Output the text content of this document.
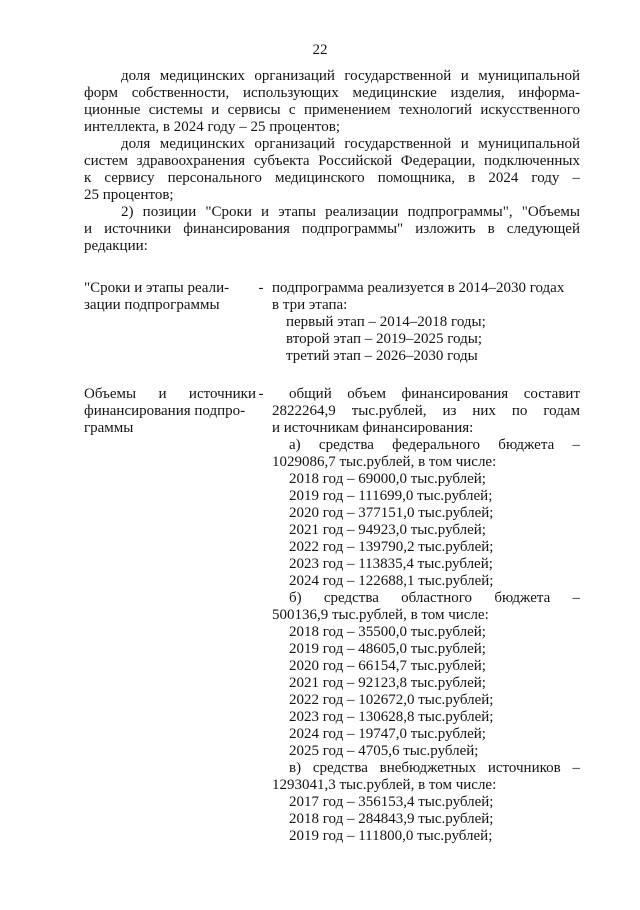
22

доля медицинских организаций государственной и муниципальной
форм собственности, использующих медицинские изделия, информа-
ционные системы и сервисы с применением технологий искусственного
интеллекта, в 2024 году – 25 процентов;

доля медицинских организаций государственной и муниципальной
систем здравоохранения субъекта Российской Федерации, подключенных
к сервису персонального медицинского помощника, в 2024 году –
25 процентов;

2) позиции "Сроки и этапы реализации подпрограммы", "Объемы
и источники финансирования подпрограммы" изложить в следующей
редакции:

"Сроки и этапы реали-
зации подпрограммы
- подпрограмма реализуется в 2014–2030 годах
в три этапа:
первый этап – 2014–2018 годы;
второй этап – 2019–2025 годы;
третий этап – 2026–2030 годы
Объемы и источники
финансирования подпро-
граммы
-	общий объем финансирования составит
2822264,9 тыс.рублей, из них по годам
и источникам финансирования:
а) средства федерального бюджета –
1029086,7 тыс.рублей, в том числе:
2018 год – 69000,0 тыс.рублей;
2019 год – 111699,0 тыс.рублей;
2020 год – 377151,0 тыс.рублей;
2021 год – 94923,0 тыс.рублей;
2022 год – 139790,2 тыс.рублей;
2023 год – 113835,4 тыс.рублей;
2024 год – 122688,1 тыс.рублей;
б) средства областного бюджета –
500136,9 тыс.рублей, в том числе:
2018 год – 35500,0 тыс.рублей;
2019 год – 48605,0 тыс.рублей;
2020 год – 66154,7 тыс.рублей;
2021 год – 92123,8 тыс.рублей;
2022 год – 102672,0 тыс.рублей;
2023 год – 130628,8 тыс.рублей;
2024 год – 19747,0 тыс.рублей;
2025 год – 4705,6 тыс.рублей;
в) средства внебюджетных источников –
1293041,3 тыс.рублей, в том числе:
2017 год – 356153,4 тыс.рублей;
2018 год – 284843,9 тыс.рублей;
2019 год – 111800,0 тыс.рублей;
